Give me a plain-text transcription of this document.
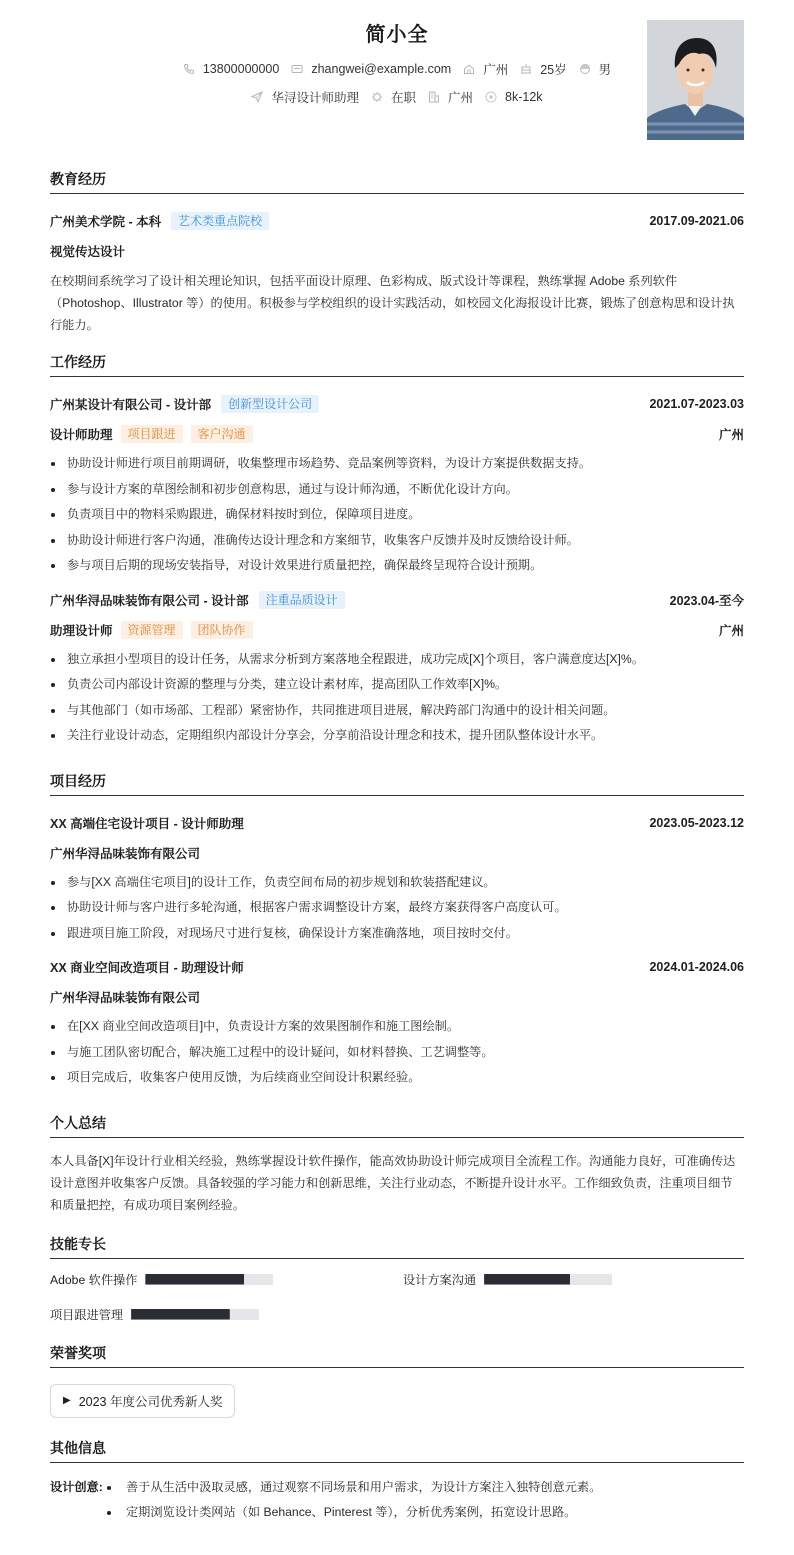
简小全
13800000000	zhangwei@example.com	广州	25岁	男
华浔设计师助理	在职	广州	8k-12k
教育经历
广州美术学院 - 本科	艺术类重点院校	2017.09-2021.06
视觉传达设计
在校期间系统学习了设计相关理论知识，包括平面设计原理、色彩构成、版式设计等课程，熟练掌握 Adobe 系列软件（Photoshop、Illustrator 等）的使用。积极参与学校组织的设计实践活动，如校园文化海报设计比赛，锻炼了创意构思和设计执行能力。
工作经历
广州某设计有限公司 - 设计部	创新型设计公司	2021.07-2023.03
设计师助理	项目跟进	客户沟通	广州
协助设计师进行项目前期调研，收集整理市场趋势、竞品案例等资料，为设计方案提供数据支持。
参与设计方案的草图绘制和初步创意构思，通过与设计师沟通，不断优化设计方向。
负责项目中的物料采购跟进，确保材料按时到位，保障项目进度。
协助设计师进行客户沟通，准确传达设计理念和方案细节，收集客户反馈并及时反馈给设计师。
参与项目后期的现场安装指导，对设计效果进行质量把控，确保最终呈现符合设计预期。
广州华浔品味装饰有限公司 - 设计部	注重品质设计	2023.04-至今
助理设计师	资源管理	团队协作	广州
独立承担小型项目的设计任务，从需求分析到方案落地全程跟进，成功完成[X]个项目，客户满意度达[X]%。
负责公司内部设计资源的整理与分类，建立设计素材库，提高团队工作效率[X]%。
与其他部门（如市场部、工程部）紧密协作，共同推进项目进展，解决跨部门沟通中的设计相关问题。
关注行业设计动态，定期组织内部设计分享会，分享前沿设计理念和技术，提升团队整体设计水平。
项目经历
XX 高端住宅设计项目 - 设计师助理	2023.05-2023.12
广州华浔品味装饰有限公司
参与[XX 高端住宅项目]的设计工作，负责空间布局的初步规划和软装搭配建议。
协助设计师与客户进行多轮沟通，根据客户需求调整设计方案，最终方案获得客户高度认可。
跟进项目施工阶段，对现场尺寸进行复核，确保设计方案准确落地，项目按时交付。
XX 商业空间改造项目 - 助理设计师	2024.01-2024.06
广州华浔品味装饰有限公司
在[XX 商业空间改造项目]中，负责设计方案的效果图制作和施工图绘制。
与施工团队密切配合，解决施工过程中的设计疑问，如材料替换、工艺调整等。
项目完成后，收集客户使用反馈，为后续商业空间设计积累经验。
个人总结
本人具备[X]年设计行业相关经验，熟练掌握设计软件操作，能高效协助设计师完成项目全流程工作。沟通能力良好，可准确传达设计意图并收集客户反馈。具备较强的学习能力和创新思维，关注行业动态，不断提升设计水平。工作细致负责，注重项目细节和质量把控，有成功项目案例经验。
技能专长
Adobe 软件操作	设计方案沟通
项目跟进管理
荣誉奖项
▶ 2023 年度公司优秀新人奖
其他信息
设计创意:	善于从生活中汲取灵感，通过观察不同场景和用户需求，为设计方案注入独特创意元素。
定期浏览设计类网站（如 Behance、Pinterest 等），分析优秀案例，拓宽设计思路。
